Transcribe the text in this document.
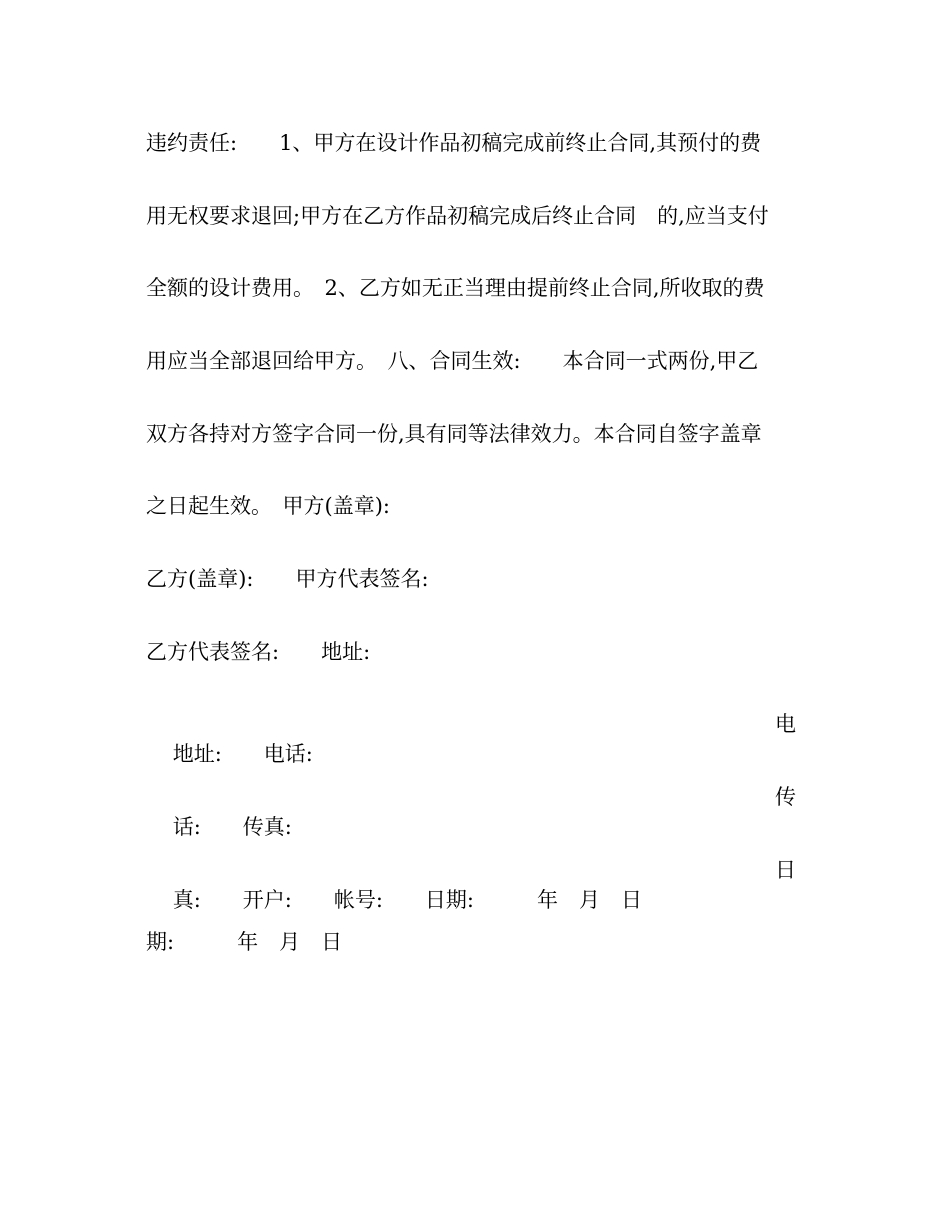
违约责任:　　1、甲方在设计作品初稿完成前终止合同,其预付的费
用无权要求退回;甲方在乙方作品初稿完成后终止合同　的,应当支付
全额的设计费用。　2、乙方如无正当理由提前终止合同,所收取的费
用应当全部退回给甲方。　八、合同生效:　　本合同一式两份,甲乙
双方各持对方签字合同一份,具有同等法律效力。本合同自签字盖章
之日起生效。　甲方(盖章):
乙方(盖章):　　甲方代表签名:
乙方代表签名:　　地址:

地址:　　电话:

电

话:　　传真:

传

真:　　开户:　　帐号:　　日期:　　　年　月　日

日

期:　　　年　月　日
